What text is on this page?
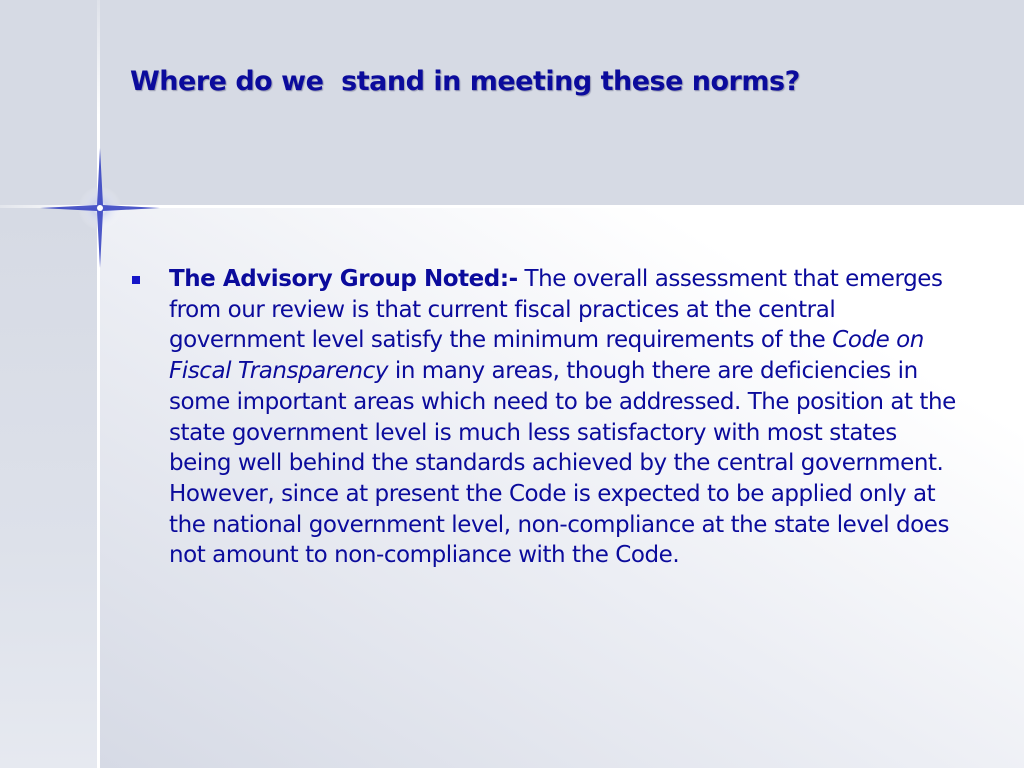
Where do we  stand in meeting these norms?

The Advisory Group Noted:- The overall assessment that emerges from our review is that current fiscal practices at the central government level satisfy the minimum requirements of the Code on Fiscal Transparency in many areas, though there are deficiencies in some important areas which need to be addressed. The position at the state government level is much less satisfactory with most states being well behind the standards achieved by the central government. However, since at present the Code is expected to be applied only at the national government level, non-compliance at the state level does not amount to non-compliance with the Code.
